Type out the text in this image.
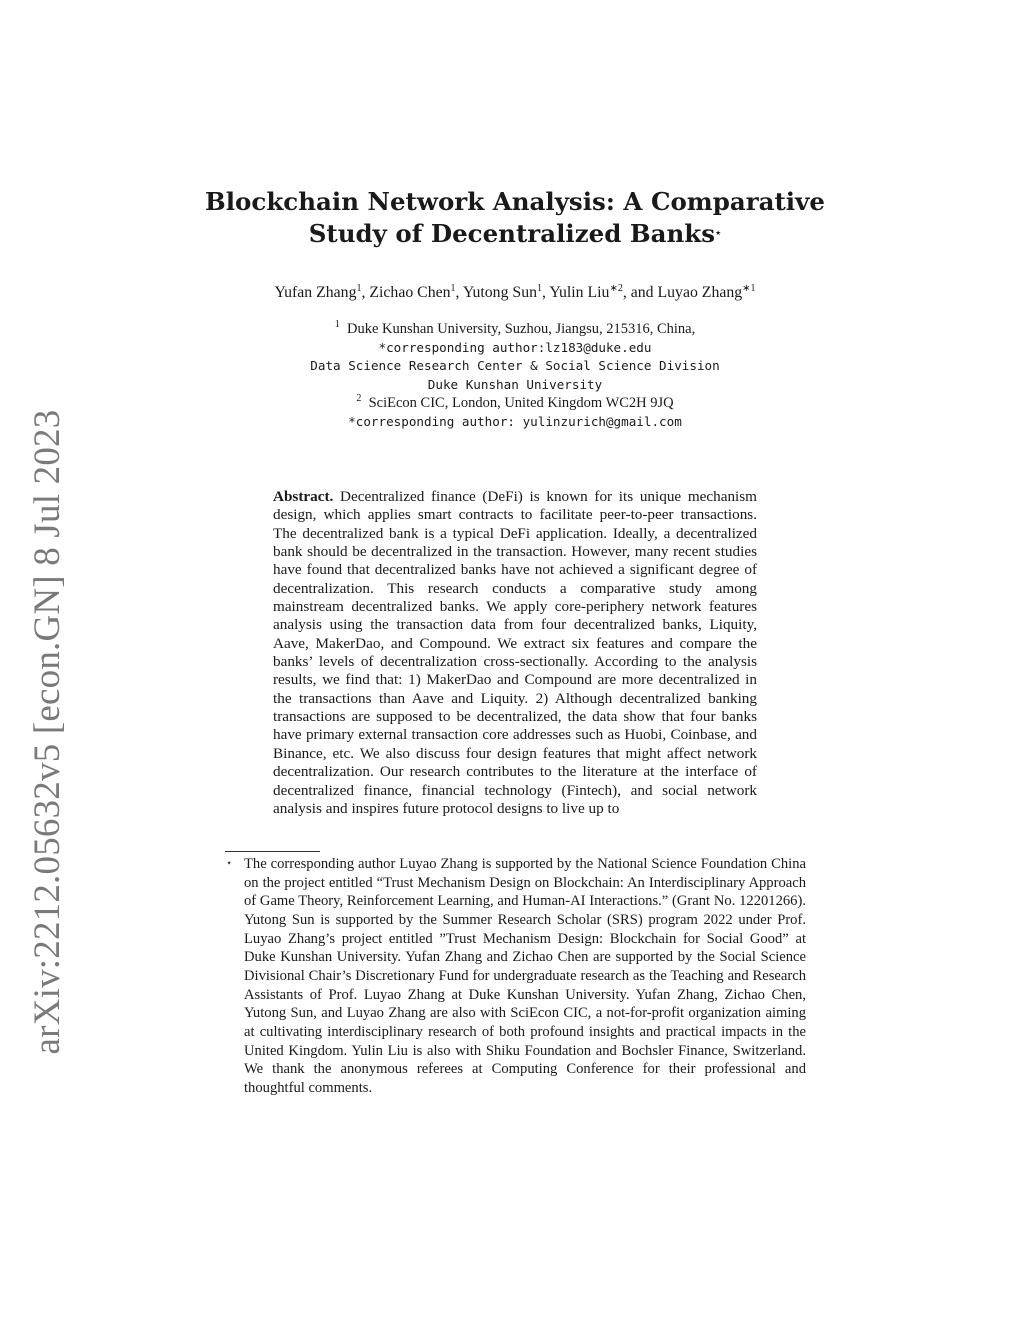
arXiv:2212.05632v5 [econ.GN] 8 Jul 2023
Blockchain Network Analysis: A Comparative
Study of Decentralized Banks⋆
Yufan Zhang$^1$, Zichao Chen$^1$, Yutong Sun$^1$, Yulin Liu$^{∗2}$, and Luyao Zhang$^{∗1}$
$^1$ Duke Kunshan University, Suzhou, Jiangsu, 215316, China,
*corresponding author:lz183@duke.edu
Data Science Research Center & Social Science Division
Duke Kunshan University
$^2$ SciEcon CIC, London, United Kingdom WC2H 9JQ
*corresponding author: yulinzurich@gmail.com
Abstract. Decentralized finance (DeFi) is known for its unique mechanism design, which applies smart contracts to facilitate peer-to-peer transactions. The decentralized bank is a typical DeFi application. Ideally, a decentralized bank should be decentralized in the transaction. However, many recent studies have found that decentralized banks have not achieved a significant degree of decentralization. This research conducts a comparative study among mainstream decentralized banks. We apply core-periphery network features analysis using the transaction data from four decentralized banks, Liquity, Aave, MakerDao, and Compound. We extract six features and compare the banks’ levels of decentralization cross-sectionally. According to the analysis results, we find that: 1) MakerDao and Compound are more decentralized in the transactions than Aave and Liquity. 2) Although decentralized banking transactions are supposed to be decentralized, the data show that four banks have primary external transaction core addresses such as Huobi, Coinbase, and Binance, etc. We also discuss four design features that might affect network decentralization. Our research contributes to the literature at the interface of decentralized finance, financial technology (Fintech), and social network analysis and inspires future protocol designs to live up to
⋆ The corresponding author Luyao Zhang is supported by the National Science Foundation China on the project entitled “Trust Mechanism Design on Blockchain: An Interdisciplinary Approach of Game Theory, Reinforcement Learning, and Human-AI Interactions.” (Grant No. 12201266). Yutong Sun is supported by the Summer Research Scholar (SRS) program 2022 under Prof. Luyao Zhang’s project entitled ”Trust Mechanism Design: Blockchain for Social Good” at Duke Kunshan University. Yufan Zhang and Zichao Chen are supported by the Social Science Divisional Chair’s Discretionary Fund for undergraduate research as the Teaching and Research Assistants of Prof. Luyao Zhang at Duke Kunshan University. Yufan Zhang, Zichao Chen, Yutong Sun, and Luyao Zhang are also with SciEcon CIC, a not-for-profit organization aiming at cultivating interdisciplinary research of both profound insights and practical impacts in the United Kingdom. Yulin Liu is also with Shiku Foundation and Bochsler Finance, Switzerland. We thank the anonymous referees at Computing Conference for their professional and thoughtful comments.
